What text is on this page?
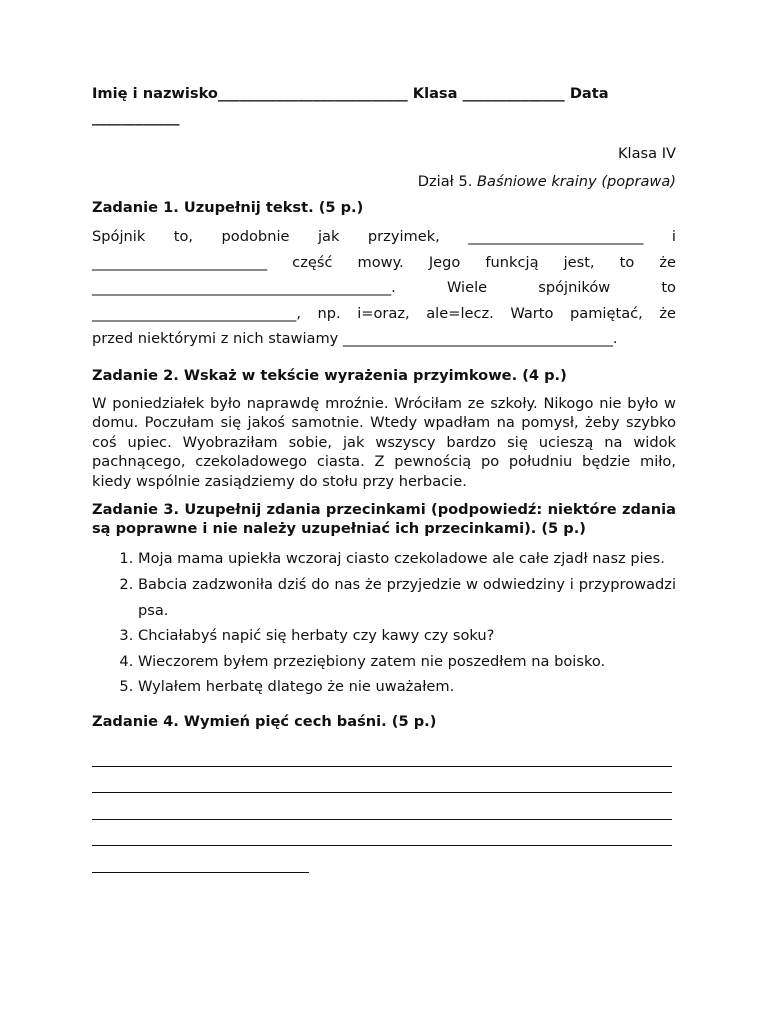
Imię i nazwisko__________________________ Klasa ______________ Data
____________

Klasa IV

Dział 5. Baśniowe krainy (poprawa)

Zadanie 1. Uzupełnij tekst. (5 p.)

Spójnik to, podobnie jak przyimek, ________________________ i
________________________ część mowy. Jego funkcją jest, to że
_________________________________________. Wiele spójników to
____________________________, np. i=oraz, ale=lecz. Warto pamiętać, że
przed niektórymi z nich stawiamy _____________________________________.

Zadanie 2. Wskaż w tekście wyrażenia przyimkowe. (4 p.)

W poniedziałek było naprawdę mroźnie. Wróciłam ze szkoły. Nikogo nie było w domu. Poczułam się jakoś samotnie. Wtedy wpadłam na pomysł, żeby szybko coś upiec. Wyobraziłam sobie, jak wszyscy bardzo się ucieszą na widok pachnącego, czekoladowego ciasta. Z pewnością po południu będzie miło, kiedy wspólnie zasiądziemy do stołu przy herbacie.

Zadanie 3. Uzupełnij zdania przecinkami (podpowiedź: niektóre zdania są poprawne i nie należy uzupełniać ich przecinkami). (5 p.)

1. Moja mama upiekła wczoraj ciasto czekoladowe ale całe zjadł nasz pies.
2. Babcia zadzwoniła dziś do nas że przyjedzie w odwiedziny i przyprowadzi psa.
3. Chciałabyś napić się herbaty czy kawy czy soku?
4. Wieczorem byłem przeziębiony zatem nie poszedłem na boisko.
5. Wylałem herbatę dlatego że nie uważałem.

Zadanie 4. Wymień pięć cech baśni. (5 p.)
